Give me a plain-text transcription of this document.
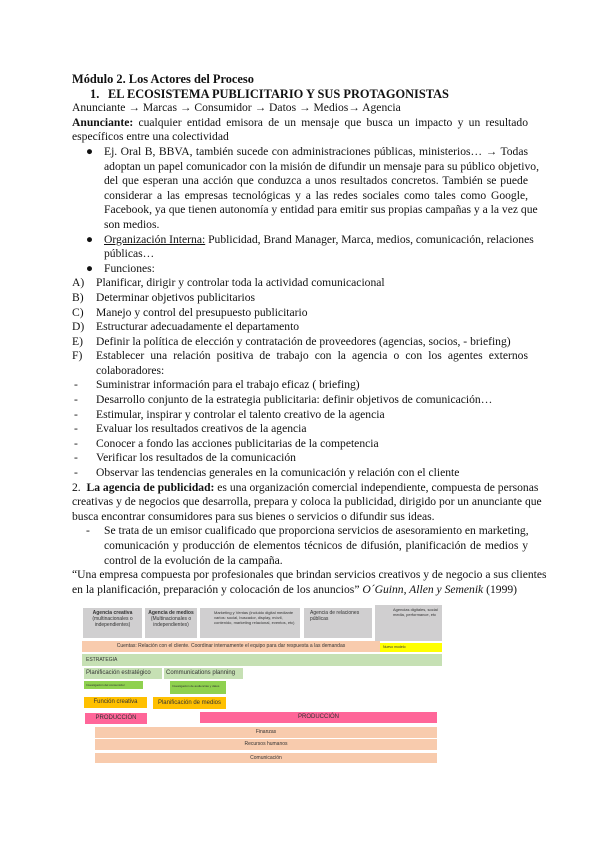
Módulo 2. Los Actores del Proceso
1. EL ECOSISTEMA PUBLICITARIO Y SUS PROTAGONISTAS
Anunciante → Marcas → Consumidor → Datos → Medios→ Agencia
Anunciante: cualquier entidad emisora de un mensaje que busca un impacto y un resultado
específicos entre una colectividad
● Ej. Oral B, BBVA, también sucede con administraciones públicas, ministerios… → Todas
adoptan un papel comunicador con la misión de difundir un mensaje para su público objetivo,
del que esperan una acción que conduzca a unos resultados concretos. También se puede
considerar a las empresas tecnológicas y a las redes sociales como tales como Google,
Facebook, ya que tienen autonomía y entidad para emitir sus propias campañas y a la vez que
son medios.
● Organización Interna: Publicidad, Brand Manager, Marca, medios, comunicación, relaciones
públicas…
● Funciones:
A) Planificar, dirigir y controlar toda la actividad comunicacional
B) Determinar objetivos publicitarios
C) Manejo y control del presupuesto publicitario
D) Estructurar adecuadamente el departamento
E) Definir la política de elección y contratación de proveedores (agencias, socios, - briefing)
F) Establecer una relación positiva de trabajo con la agencia o con los agentes externos
colaboradores:
- Suministrar información para el trabajo eficaz ( briefing)
- Desarrollo conjunto de la estrategia publicitaria: definir objetivos de comunicación…
- Estimular, inspirar y controlar el talento creativo de la agencia
- Evaluar los resultados creativos de la agencia
- Conocer a fondo las acciones publicitarias de la competencia
- Verificar los resultados de la comunicación
- Observar las tendencias generales en la comunicación y relación con el cliente
2. La agencia de publicidad: es una organización comercial independiente, compuesta de personas
creativas y de negocios que desarrolla, prepara y coloca la publicidad, dirigido por un anunciante que
busca encontrar consumidores para sus bienes o servicios o difundir sus ideas.
- Se trata de un emisor cualificado que proporciona servicios de asesoramiento en marketing,
comunicación y producción de elementos técnicos de difusión, planificación de medios y
control de la evolución de la campaña.
“Una empresa compuesta por profesionales que brindan servicios creativos y de negocio a sus clientes
en la planificación, preparación y colocación de los anuncios” O´Guinn, Allen y Semenik (1999)
Agencia creativa
(multinacionales o independientes)
Agencia de medios
(Multinacionales o independientes)
Marketing y Ventas (incluido digital mediante varios: social, buscador, display, móvil, contenido, marketing relacional, eventos, etc)
Agencia de relaciones públicas
Agencias digitales, social media, performance, etc
Cuentas: Relación con el cliente. Coordinar internamente el equipo para dar respuesta a las demandas	Nuevo modelo
ESTRATEGIA
Planificación estratégico	Communications planning
Investigación del consumidor	Investigación de audiencias y datos
Función creativa	Planificación de medios
PRODUCCIÓN	PRODUCCIÓN
Finanzas
Recursos humanos
Comunicación
